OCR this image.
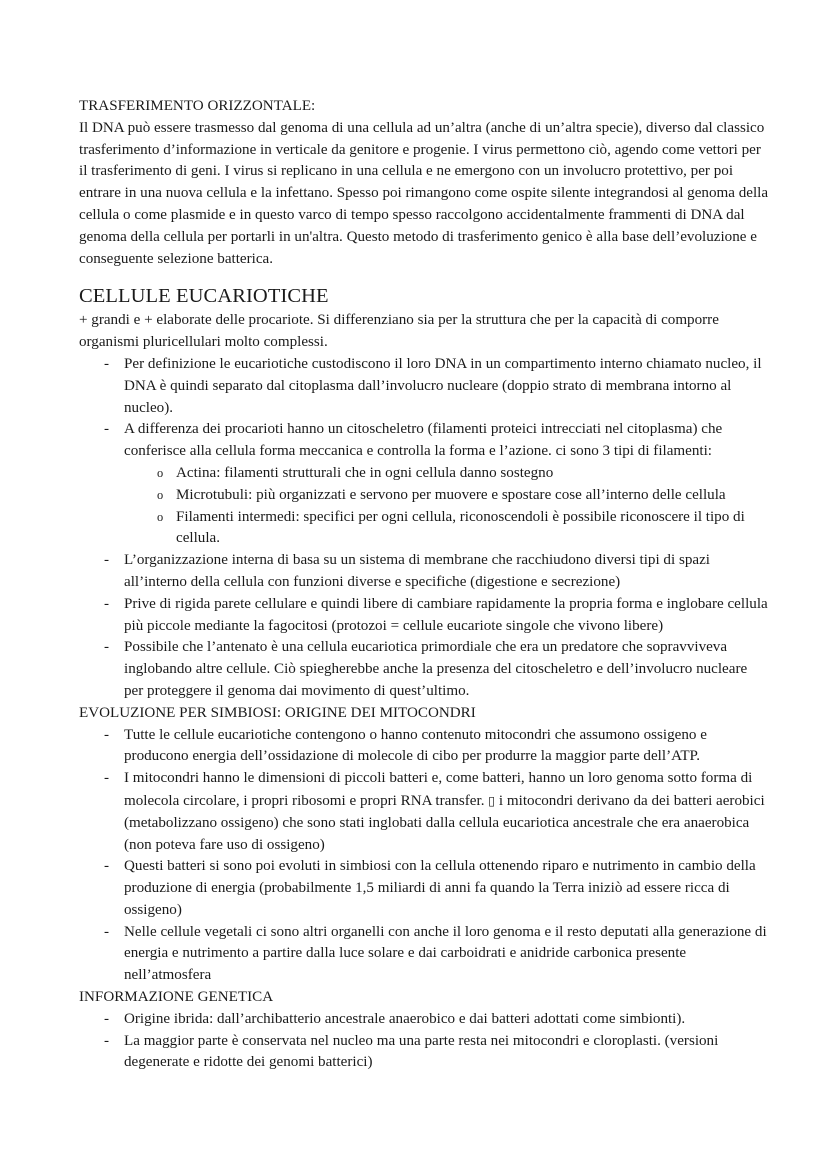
TRASFERIMENTO ORIZZONTALE:

Il DNA può essere trasmesso dal genoma di una cellula ad un’altra (anche di un’altra specie), diverso dal classico trasferimento d’informazione in verticale da genitore e progenie. I virus permettono ciò, agendo come vettori per il trasferimento di geni. I virus si replicano in una cellula e ne emergono con un involucro protettivo, per poi entrare in una nuova cellula e la infettano. Spesso poi rimangono come ospite silente integrandosi al genoma della cellula o come plasmide e in questo varco di tempo spesso raccolgono accidentalmente frammenti di DNA dal genoma della cellula per portarli in un'altra. Questo metodo di trasferimento genico è alla base dell’evoluzione e conseguente selezione batterica.

CELLULE EUCARIOTICHE

+ grandi e + elaborate delle procariote. Si differenziano sia per la struttura che per la capacità di comporre organismi pluricellulari molto complessi.

- Per definizione le eucariotiche custodiscono il loro DNA in un compartimento interno chiamato nucleo, il DNA è quindi separato dal citoplasma dall’involucro nucleare (doppio strato di membrana intorno al nucleo).
- A differenza dei procarioti hanno un citoscheletro (filamenti proteici intrecciati nel citoplasma) che conferisce alla cellula forma meccanica e controlla la forma e l’azione. ci sono 3 tipi di filamenti:
o Actina: filamenti strutturali che in ogni cellula danno sostegno
o Microtubuli: più organizzati e servono per muovere e spostare cose all’interno delle cellula
o Filamenti intermedi: specifici per ogni cellula, riconoscendoli è possibile riconoscere il tipo di cellula.
- L’organizzazione interna di basa su un sistema di membrane che racchiudono diversi tipi di spazi all’interno della cellula con funzioni diverse e specifiche (digestione e secrezione)
- Prive di rigida parete cellulare e quindi libere di cambiare rapidamente la propria forma e inglobare cellula più piccole mediante la fagocitosi (protozoi = cellule eucariote singole che vivono libere)
- Possibile che l’antenato è una cellula eucariotica primordiale che era un predatore che sopravviveva inglobando altre cellule. Ciò spiegherebbe anche la presenza del citoscheletro e dell’involucro nucleare per proteggere il genoma dai movimento di quest’ultimo.

EVOLUZIONE PER SIMBIOSI: ORIGINE DEI MITOCONDRI

- Tutte le cellule eucariotiche contengono o hanno contenuto mitocondri che assumono ossigeno e producono energia dell’ossidazione di molecole di cibo per produrre la maggior parte dell’ATP.
- I mitocondri hanno le dimensioni di piccoli batteri e, come batteri, hanno un loro genoma sotto forma di molecola circolare, i propri ribosomi e propri RNA transfer. ▯ i mitocondri derivano da dei batteri aerobici (metabolizzano ossigeno) che sono stati inglobati dalla cellula eucariotica ancestrale che era anaerobica (non poteva fare uso di ossigeno)
- Questi batteri si sono poi evoluti in simbiosi con la cellula ottenendo riparo e nutrimento in cambio della produzione di energia (probabilmente 1,5 miliardi di anni fa quando la Terra iniziò ad essere ricca di ossigeno)
- Nelle cellule vegetali ci sono altri organelli con anche il loro genoma e il resto deputati alla generazione di energia e nutrimento a partire dalla luce solare e dai carboidrati e anidride carbonica presente nell’atmosfera

INFORMAZIONE GENETICA

- Origine ibrida: dall’archibatterio ancestrale anaerobico e dai batteri adottati come simbionti).
- La maggior parte è conservata nel nucleo ma una parte resta nei mitocondri e cloroplasti. (versioni degenerate e ridotte dei genomi batterici)
